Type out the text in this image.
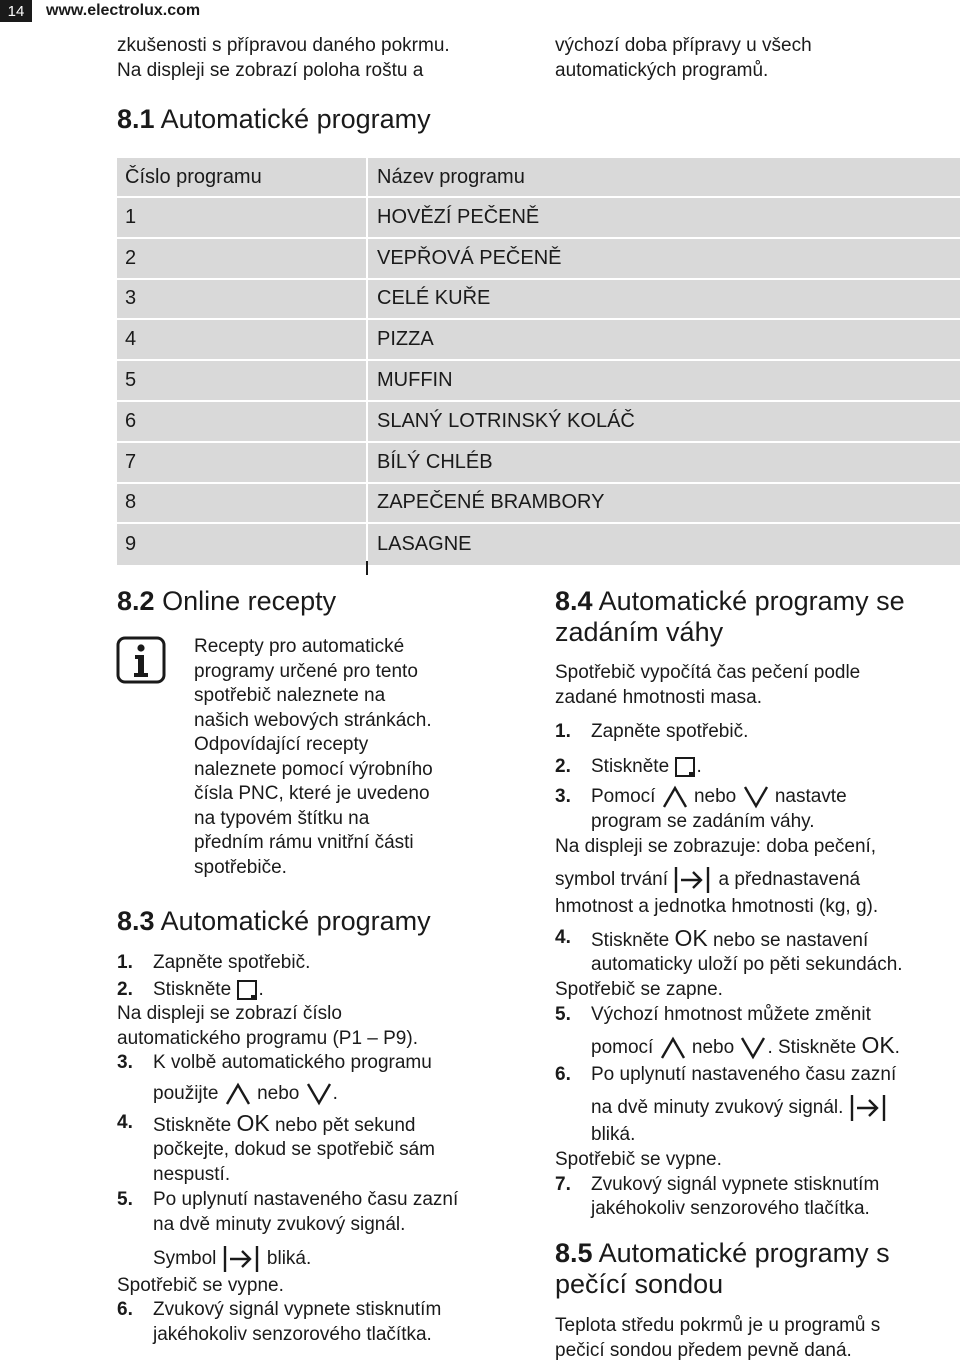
14	www.electrolux.com
zkušenosti s přípravou daného pokrmu.
Na displeji se zobrazí poloha roštu a
výchozí doba přípravy u všech
automatických programů.
8.1 Automatické programy
Číslo programu	Název programu
1	HOVĚZÍ PEČENĚ
2	VEPŘOVÁ PEČENĚ
3	CELÉ KUŘE
4	PIZZA
5	MUFFIN
6	SLANÝ LOTRINSKÝ KOLÁČ
7	BÍLÝ CHLÉB
8	ZAPEČENÉ BRAMBORY
9	LASAGNE
8.2 Online recepty
Recepty pro automatické
programy určené pro tento
spotřebič naleznete na
našich webových stránkách.
Odpovídající recepty
naleznete pomocí výrobního
čísla PNC, které je uvedeno
na typovém štítku na
předním rámu vnitřní části
spotřebiče.
8.3 Automatické programy
1.	Zapněte spotřebič.
2.	Stiskněte .
Na displeji se zobrazí číslo
automatického programu (P1 – P9).
3.	K volbě automatického programu
použijte nebo .
4.	Stiskněte OK nebo pět sekund
počkejte, dokud se spotřebič sám
nespustí.
5.	Po uplynutí nastaveného času zazní
na dvě minuty zvukový signál.
Symbol	bliká.
Spotřebič se vypne.
6.	Zvukový signál vypnete stisknutím
jakéhokoliv senzorového tlačítka.
8.4 Automatické programy se
zadáním váhy
Spotřebič vypočítá čas pečení podle
zadané hmotnosti masa.
1.	Zapněte spotřebič.
2.	Stiskněte .
3.	Pomocí nebo nastavte
program se zadáním váhy.
Na displeji se zobrazuje: doba pečení,
symbol trvání	a přednastavená
hmotnost a jednotka hmotnosti (kg, g).
4.	Stiskněte OK nebo se nastavení
automaticky uloží po pěti sekundách.
Spotřebič se zapne.
5.	Výchozí hmotnost můžete změnit
pomocí nebo . Stiskněte OK.
6.	Po uplynutí nastaveného času zazní
na dvě minuty zvukový signál.
bliká.
Spotřebič se vypne.
7.	Zvukový signál vypnete stisknutím
jakéhokoliv senzorového tlačítka.
8.5 Automatické programy s
pečící sondou
Teplota středu pokrmů je u programů s
pečicí sondou předem pevně daná.
